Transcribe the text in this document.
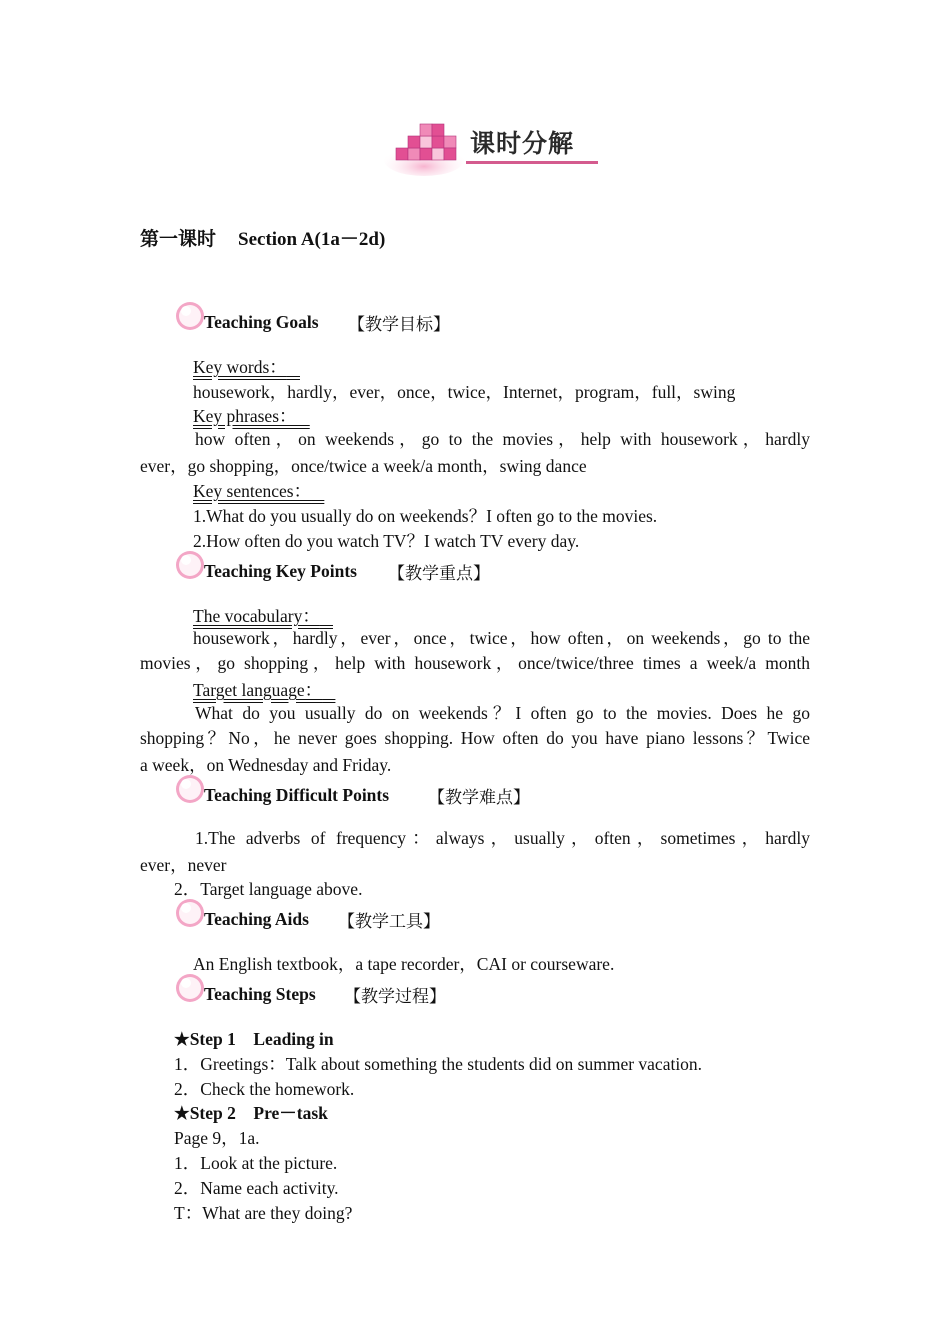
课时分解
第一课时 Section A(1a－2d)
Teaching Goals 【教学目标】
Key words：
housework，hardly，ever，once，twice，Internet，program，full，swing
Key phrases：
how often，on weekends，go to the movies，help with housework，hardly
ever，go shopping，once/twice a week/a month，swing dance
Key sentences：
1.What do you usually do on weekends？I often go to the movies.
2.How often do you watch TV？I watch TV every day.
Teaching Key Points 【教学重点】
The vocabulary：
housework，hardly，ever，once，twice，how often，on weekends，go to the
movies，go shopping，help with housework，once/twice/three times a week/a month
Target language：
What do you usually do on weekends？I often go to the movies. Does he go
shopping？No，he never goes shopping. How often do you have piano lessons？Twice
a week，on Wednesday and Friday.
Teaching Difficult Points 【教学难点】
1.The adverbs of frequency：always，usually，often，sometimes，hardly
ever，never
2．Target language above.
Teaching Aids 【教学工具】
An English textbook，a tape recorder，CAI or courseware.
Teaching Steps 【教学过程】
★Step 1　Leading in
1．Greetings：Talk about something the students did on summer vacation.
2．Check the homework.
★Step 2　Pre－task
Page 9，1a.
1．Look at the picture.
2．Name each activity.
T：What are they doing?
